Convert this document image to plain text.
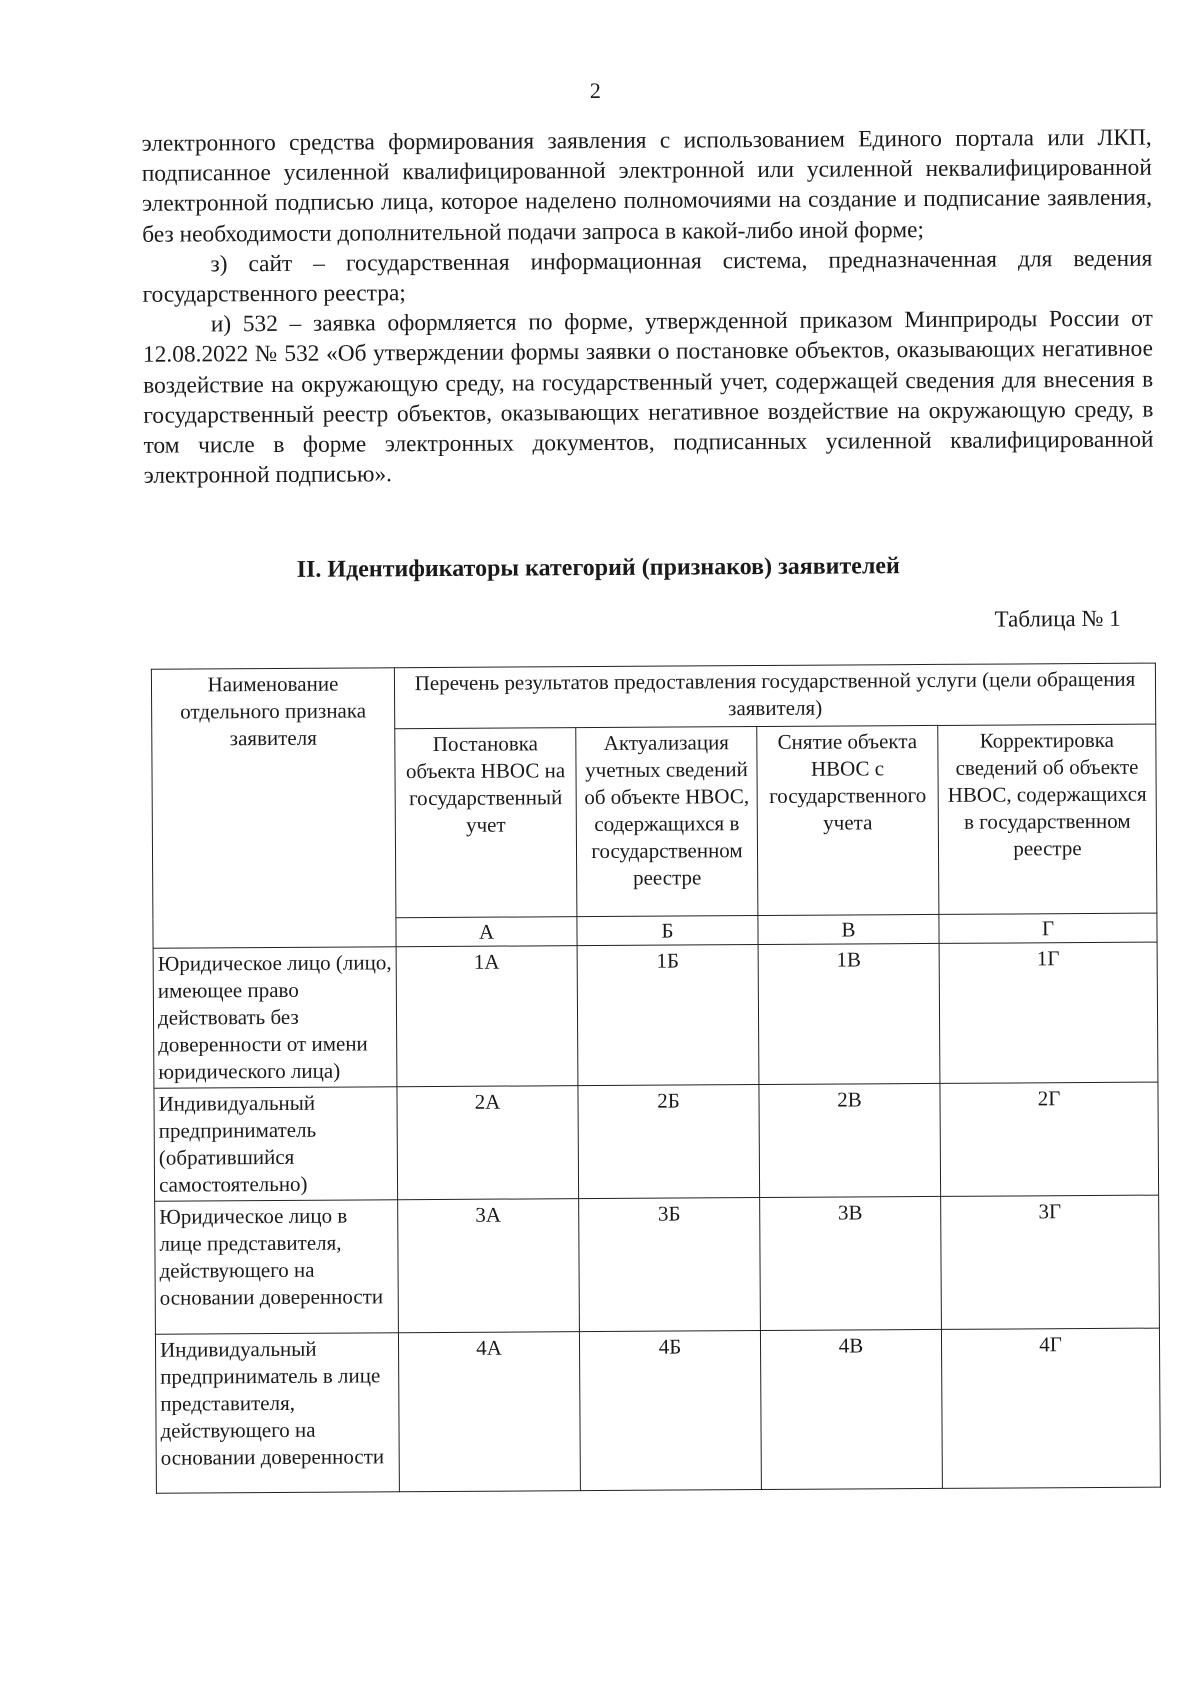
2

электронного средства формирования заявления с использованием Единого портала или ЛКП, подписанное усиленной квалифицированной электронной или усиленной неквалифицированной электронной подписью лица, которое наделено полномочиями на создание и подписание заявления, без необходимости дополнительной подачи запроса в какой-либо иной форме;

з) сайт – государственная информационная система, предназначенная для ведения государственного реестра;

и) 532 – заявка оформляется по форме, утвержденной приказом Минприроды России от 12.08.2022 № 532 «Об утверждении формы заявки о постановке объектов, оказывающих негативное воздействие на окружающую среду, на государственный учет, содержащей сведения для внесения в государственный реестр объектов, оказывающих негативное воздействие на окружающую среду, в том числе в форме электронных документов, подписанных усиленной квалифицированной электронной подписью».

II. Идентификаторы категорий (признаков) заявителей
Таблица № 1
Наименование отдельного признака заявителя	Перечень результатов предоставления государственной услуги (цели обращения заявителя)			
	Постановка объекта НВОС на государственный учет	Актуализация учетных сведений об объекте НВОС, содержащихся в государственном реестре	Снятие объекта НВОС с государственного учета	Корректировка сведений об объекте НВОС, содержащихся в государственном реестре
	А	Б	В	Г
Юридическое лицо (лицо, имеющее право действовать без доверенности от имени юридического лица)	1А	1Б	1В	1Г
Индивидуальный предприниматель (обратившийся самостоятельно)	2А	2Б	2В	2Г
Юридическое лицо в лице представителя, действующего на основании доверенности	3А	3Б	3В	3Г
Индивидуальный предприниматель в лице представителя, действующего на основании доверенности	4А	4Б	4В	4Г
